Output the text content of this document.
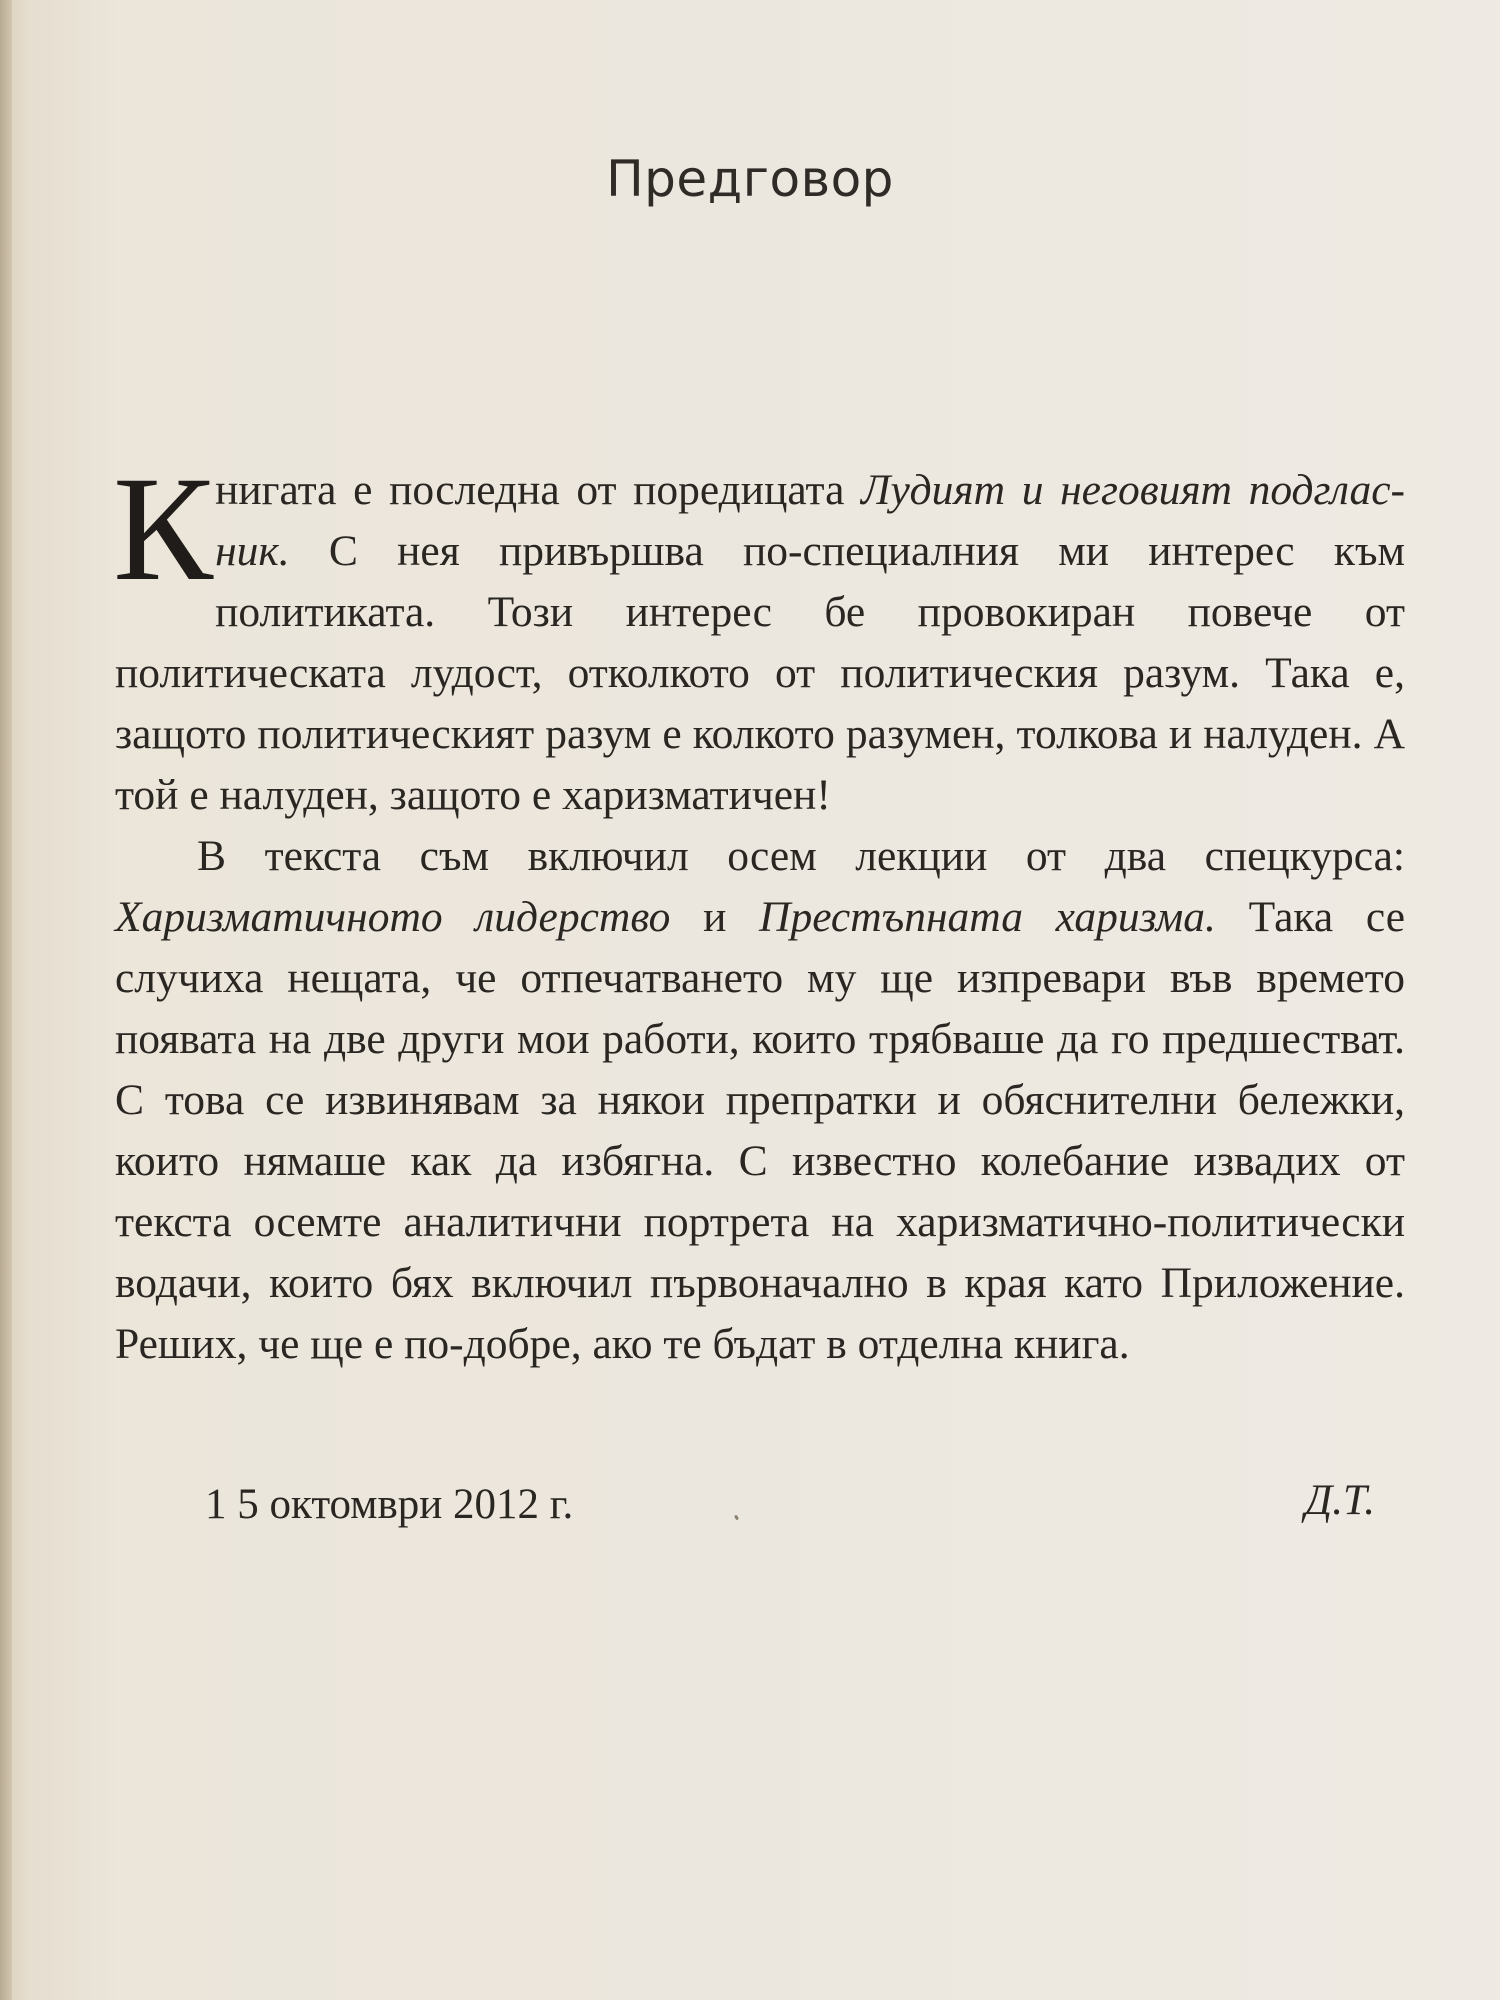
Предговор

Книгата е последна от поредицата Лудият и неговият подглас-ник. С нея привършва по-специалния ми интерес към политиката. Този интерес бе провокиран повече от политическата лудост, отколкото от политическия разум. Така е, защото политическият разум е колкото разумен, толкова и налуден. А той е налуден, защото е харизматичен!

В текста съм включил осем лекции от два спецкурса: Харизматичното лидерство и Престъпната харизма. Така се случиха нещата, че отпечатването му ще изпревари във времето появата на две други мои работи, които трябваше да го предшестват. С това се извинявам за някои препратки и обяснителни бележки, които нямаше как да избягна. С известно колебание извадих от текста осемте аналитични портрета на харизматично-политически водачи, които бях включил първоначално в края като Приложение. Реших, че ще е по-добре, ако те бъдат в отделна книга.

1 5 октомври 2012 г.	Д.Т.
